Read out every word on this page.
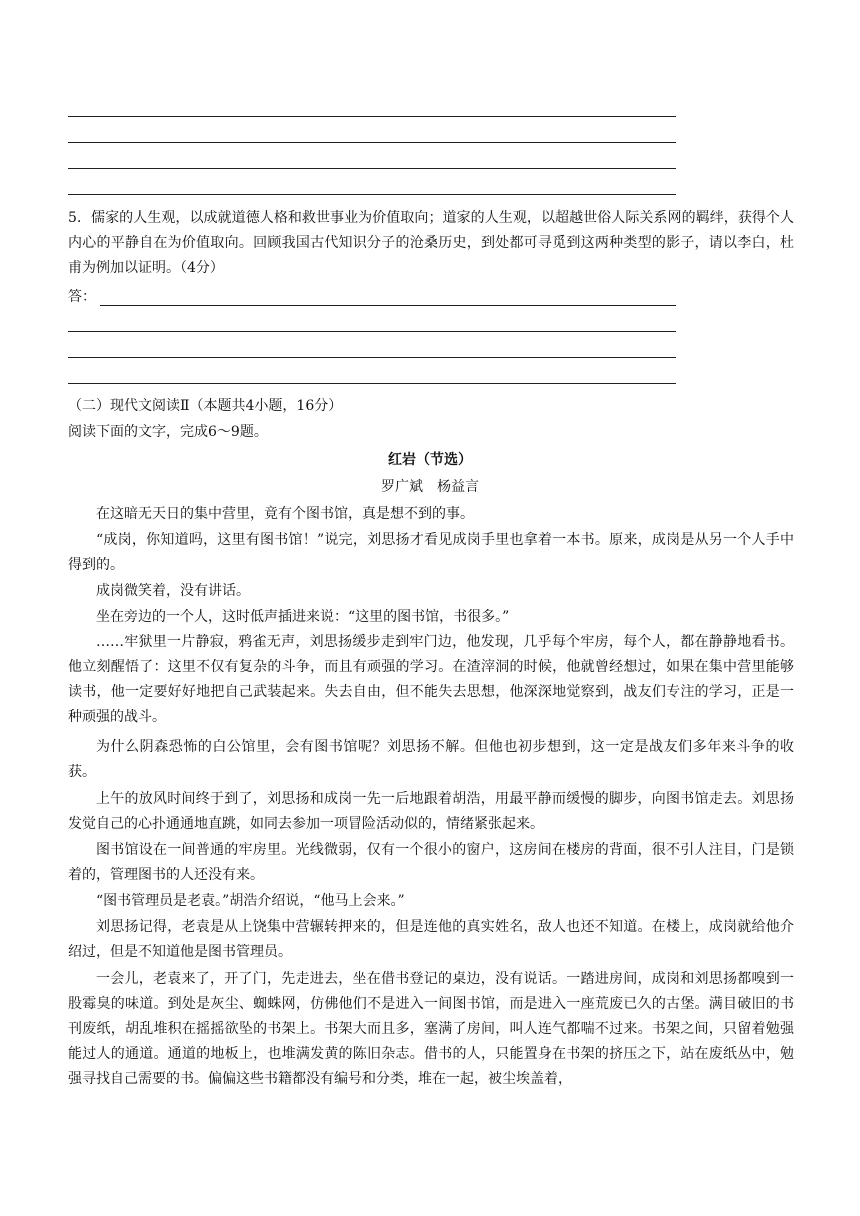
5．儒家的人生观，以成就道德人格和救世事业为价值取向；道家的人生观，以超越世俗人际关系网的羁绊，获得个人内心的平静自在为价值取向。回顾我国古代知识分子的沧桑历史，到处都可寻觅到这两种类型的影子，请以李白，杜甫为例加以证明。（4分）
答：
（二）现代文阅读Ⅱ（本题共4小题，16分）
阅读下面的文字，完成6～9题。
红岩（节选）
罗广斌　杨益言
在这暗无天日的集中营里，竟有个图书馆，真是想不到的事。
“成岗，你知道吗，这里有图书馆！”说完，刘思扬才看见成岗手里也拿着一本书。原来，成岗是从另一个人手中得到的。
成岗微笑着，没有讲话。
坐在旁边的一个人，这时低声插进来说：“这里的图书馆，书很多。”
……牢狱里一片静寂，鸦雀无声，刘思扬缓步走到牢门边，他发现，几乎每个牢房，每个人，都在静静地看书。他立刻醒悟了：这里不仅有复杂的斗争，而且有顽强的学习。在渣滓洞的时候，他就曾经想过，如果在集中营里能够读书，他一定要好好地把自己武装起来。失去自由，但不能失去思想，他深深地觉察到，战友们专注的学习，正是一种顽强的战斗。
为什么阴森恐怖的白公馆里，会有图书馆呢？刘思扬不解。但他也初步想到，这一定是战友们多年来斗争的收获。
上午的放风时间终于到了，刘思扬和成岗一先一后地跟着胡浩，用最平静而缓慢的脚步，向图书馆走去。刘思扬发觉自己的心扑通通地直跳，如同去参加一项冒险活动似的，情绪紧张起来。
图书馆设在一间普通的牢房里。光线微弱，仅有一个很小的窗户，这房间在楼房的背面，很不引人注目，门是锁着的，管理图书的人还没有来。
“图书管理员是老袁。”胡浩介绍说，“他马上会来。”
刘思扬记得，老袁是从上饶集中营辗转押来的，但是连他的真实姓名，敌人也还不知道。在楼上，成岗就给他介绍过，但是不知道他是图书管理员。
一会儿，老袁来了，开了门，先走进去，坐在借书登记的桌边，没有说话。一踏进房间，成岗和刘思扬都嗅到一股霉臭的味道。到处是灰尘、蜘蛛网，仿佛他们不是进入一间图书馆，而是进入一座荒废已久的古堡。满目破旧的书刊废纸，胡乱堆积在摇摇欲坠的书架上。书架大而且多，塞满了房间，叫人连气都喘不过来。书架之间，只留着勉强能过人的通道。通道的地板上，也堆满发黄的陈旧杂志。借书的人，只能置身在书架的挤压之下，站在废纸丛中，勉强寻找自己需要的书。偏偏这些书籍都没有编号和分类，堆在一起，被尘埃盖着，
